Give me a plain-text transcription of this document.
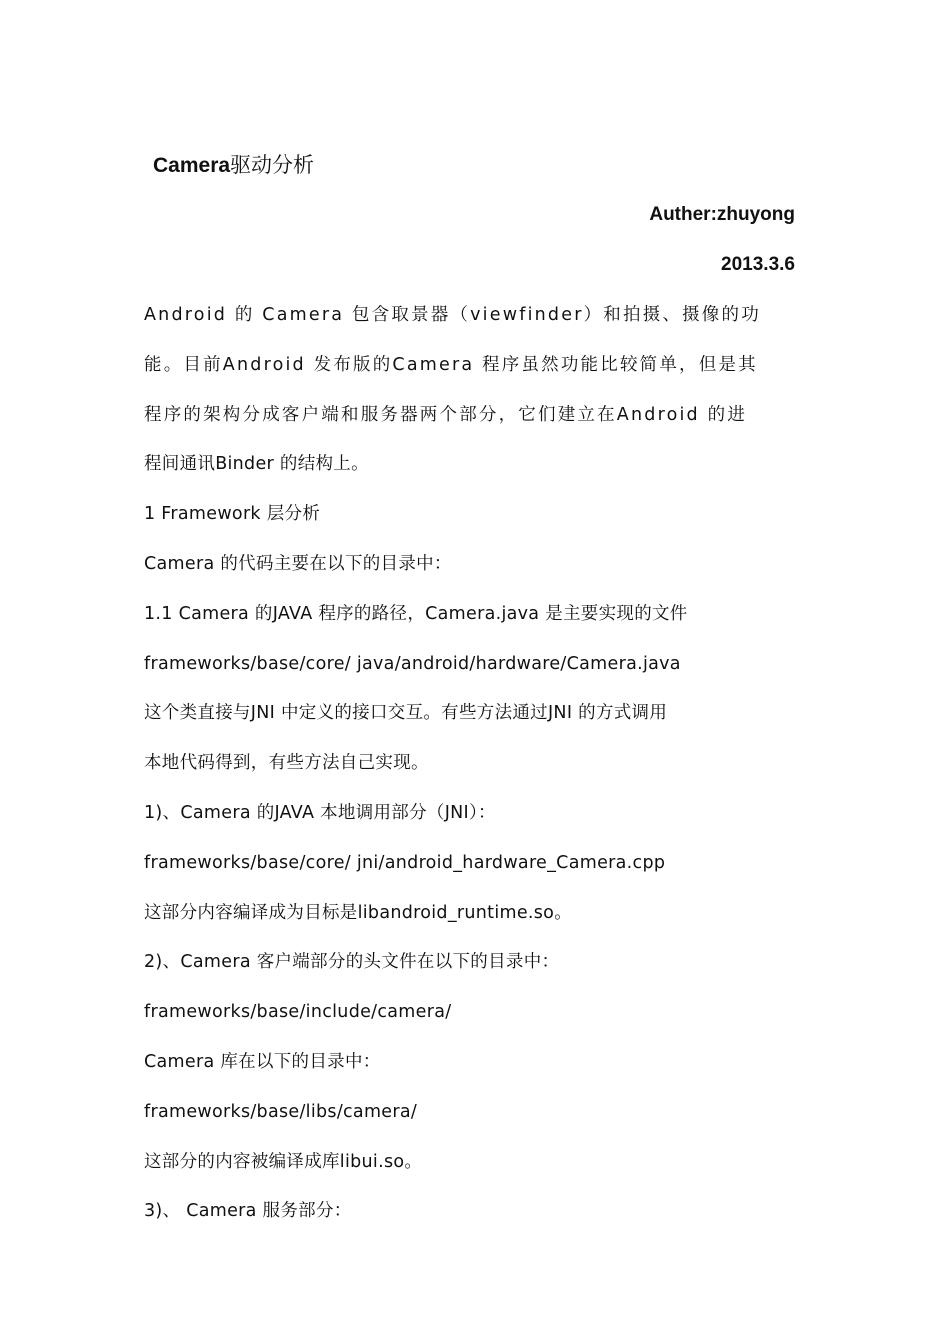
Camera驱动分析
Auther:zhuyong
2013.3.6
Android 的 Camera 包含取景器（viewfinder）和拍摄、摄像的功
能。目前Android 发布版的Camera 程序虽然功能比较简单，但是其
程序的架构分成客户端和服务器两个部分，它们建立在Android 的进
程间通讯Binder 的结构上。
1 Framework 层分析
Camera 的代码主要在以下的目录中：
1.1 Camera 的JAVA 程序的路径，Camera.java 是主要实现的文件
frameworks/base/core/ java/android/hardware/Camera.java
这个类直接与JNI 中定义的接口交互。有些方法通过JNI 的方式调用
本地代码得到，有些方法自己实现。
1)、Camera 的JAVA 本地调用部分（JNI）：
frameworks/base/core/ jni/android_hardware_Camera.cpp
这部分内容编译成为目标是libandroid_runtime.so。
2)、Camera 客户端部分的头文件在以下的目录中：
frameworks/base/include/camera/
Camera 库在以下的目录中：
frameworks/base/libs/camera/
这部分的内容被编译成库libui.so。
3)、 Camera 服务部分：
